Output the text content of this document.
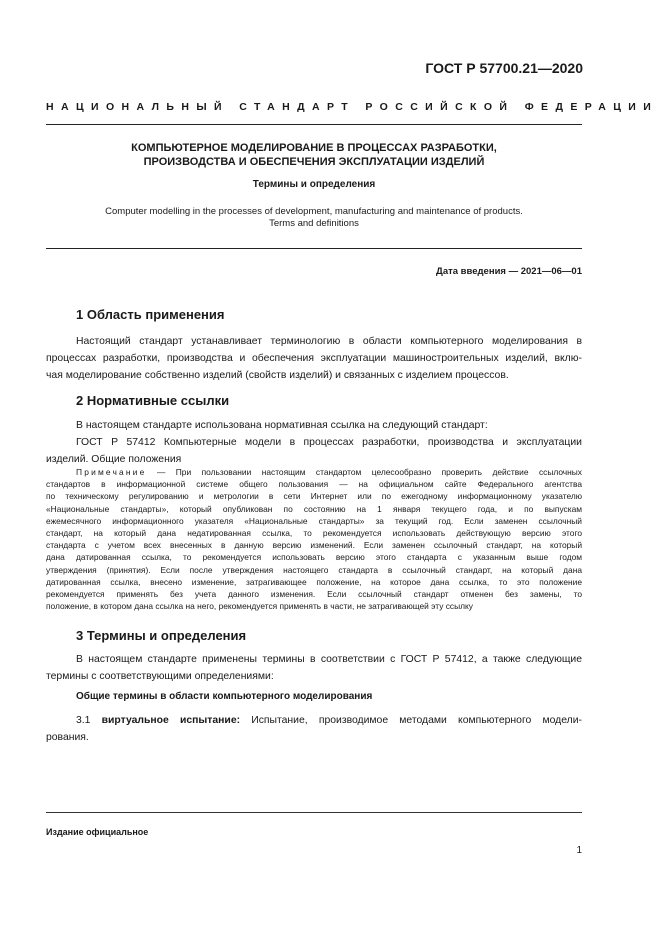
ГОСТ Р 57700.21—2020
НАЦИОНАЛЬНЫЙ СТАНДАРТ РОССИЙСКОЙ ФЕДЕРАЦИИ
КОМПЬЮТЕРНОЕ МОДЕЛИРОВАНИЕ В ПРОЦЕССАХ РАЗРАБОТКИ,
ПРОИЗВОДСТВА И ОБЕСПЕЧЕНИЯ ЭКСПЛУАТАЦИИ ИЗДЕЛИЙ
Термины и определения
Computer modelling in the processes of development, manufacturing and maintenance of products.
Terms and definitions
Дата введения — 2021—06—01
1 Область применения
Настоящий стандарт устанавливает терминологию в области компьютерного моделирования в
процессах разработки, производства и обеспечения эксплуатации машиностроительных изделий, вклю-
чая моделирование собственно изделий (свойств изделий) и связанных с изделием процессов.
2 Нормативные ссылки
В настоящем стандарте использована нормативная ссылка на следующий стандарт:
ГОСТ Р 57412 Компьютерные модели в процессах разработки, производства и эксплуатации
изделий. Общие положения
Примечание — При пользовании настоящим стандартом целесообразно проверить действие ссылочных
стандартов в информационной системе общего пользования — на официальном сайте Федерального агентства
по техническому регулированию и метрологии в сети Интернет или по ежегодному информационному указателю
«Национальные стандарты», который опубликован по состоянию на 1 января текущего года, и по выпускам
ежемесячного информационного указателя «Национальные стандарты» за текущий год. Если заменен ссылочный
стандарт, на который дана недатированная ссылка, то рекомендуется использовать действующую версию этого
стандарта с учетом всех внесенных в данную версию изменений. Если заменен ссылочный стандарт, на который
дана датированная ссылка, то рекомендуется использовать версию этого стандарта с указанным выше годом
утверждения (принятия). Если после утверждения настоящего стандарта в ссылочный стандарт, на который дана
датированная ссылка, внесено изменение, затрагивающее положение, на которое дана ссылка, то это положение
рекомендуется применять без учета данного изменения. Если ссылочный стандарт отменен без замены, то
положение, в котором дана ссылка на него, рекомендуется применять в части, не затрагивающей эту ссылку
3 Термины и определения
В настоящем стандарте применены термины в соответствии с ГОСТ Р 57412, а также следующие
термины с соответствующими определениями:
Общие термины в области компьютерного моделирования
3.1 виртуальное испытание: Испытание, производимое методами компьютерного модели-
рования.
Издание официальное
1
